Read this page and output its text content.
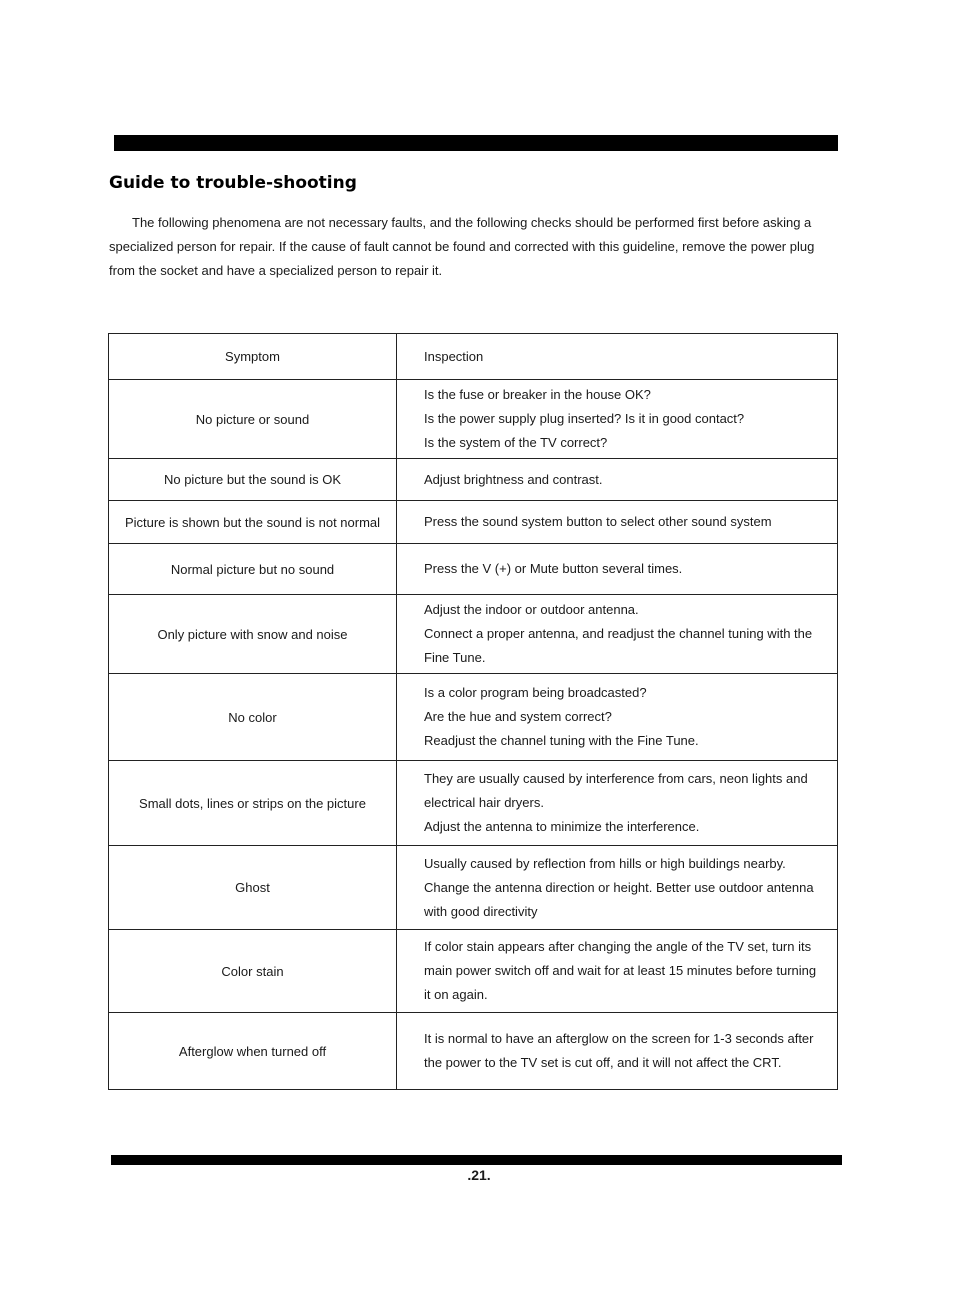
Guide to trouble-shooting

The following phenomena are not necessary faults, and the following checks should be performed first before asking a specialized person for repair. If the cause of fault cannot be found and corrected with this guideline, remove the power plug from the socket and have a specialized person to repair it.

Symptom	Inspection
No picture or sound	Is the fuse or breaker in the house OK?
Is the power supply plug inserted? Is it in good contact?
Is the system of the TV correct?

No picture but the sound is OK	Adjust brightness and contrast.

Picture is shown but the sound is not normal	Press the sound system button to select other sound system

Normal picture but no sound	Press the V (+) or Mute button several times.

Only picture with snow and noise	Adjust the indoor or outdoor antenna.
Connect a proper antenna, and readjust the channel tuning with the
Fine Tune.

No color	Is a color program being broadcasted?
Are the hue and system correct?
Readjust the channel tuning with the Fine Tune.

Small dots, lines or strips on the picture	They are usually caused by interference from cars, neon lights and
electrical hair dryers.
Adjust the antenna to minimize the interference.

Ghost	Usually caused by reflection from hills or high buildings nearby.
Change the antenna direction or height. Better use outdoor antenna
with good directivity

Color stain	If color stain appears after changing the angle of the TV set, turn its
main power switch off and wait for at least 15 minutes before turning
it on again.

Afterglow when turned off	It is normal to have an afterglow on the screen for 1-3 seconds after
the power to the TV set is cut off, and it will not affect the CRT.
.21.
